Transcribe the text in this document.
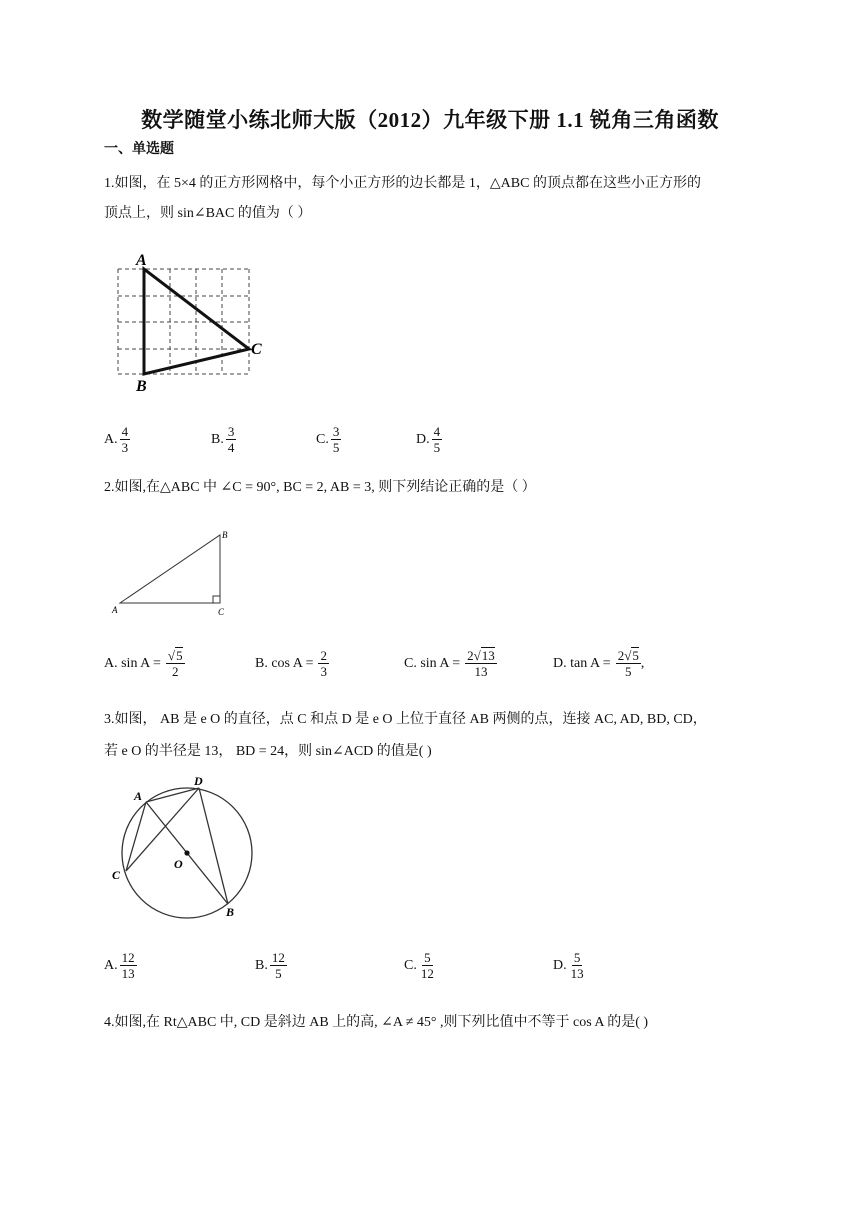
数学随堂小练北师大版（2012）九年级下册 1.1 锐角三角函数
一、单选题
1.如图，在 5×4 的正方形网格中，每个小正方形的边长都是 1，△ABC 的顶点都在这些小正方形的
顶点上，则 sin∠BAC 的值为（ ）
A
B
C
A. $\frac{4}{3}$	B. $\frac{3}{4}$	C. $\frac{3}{5}$	D. $\frac{4}{5}$
2.如图,在△ABC 中 ∠C = 90°, BC = 2, AB = 3, 则下列结论正确的是（ ）
A	C
B
A. $\sin A = \frac{√5}{2}$	B. $\cos A = \frac{2}{3}$	C. $\sin A = \frac{2√13}{13}$	D. $\tan A = \frac{2√5}{5}$ ,
3.如图， AB 是 e O 的直径，点 C 和点 D 是 e O 上位于直径 AB 两侧的点，连接 AC, AD, BD, CD，
若 e O 的半径是 13， BD = 24，则 sin∠ACD 的值是( )
A
D
C
O
B
A. $\frac{12}{13}$	B. $\frac{12}{5}$	C. $\frac{5}{12}$	D. $\frac{5}{13}$
4.如图,在 Rt△ABC 中, CD 是斜边 AB 上的高, ∠A ≠ 45° ,则下列比值中不等于 cos A 的是( )
